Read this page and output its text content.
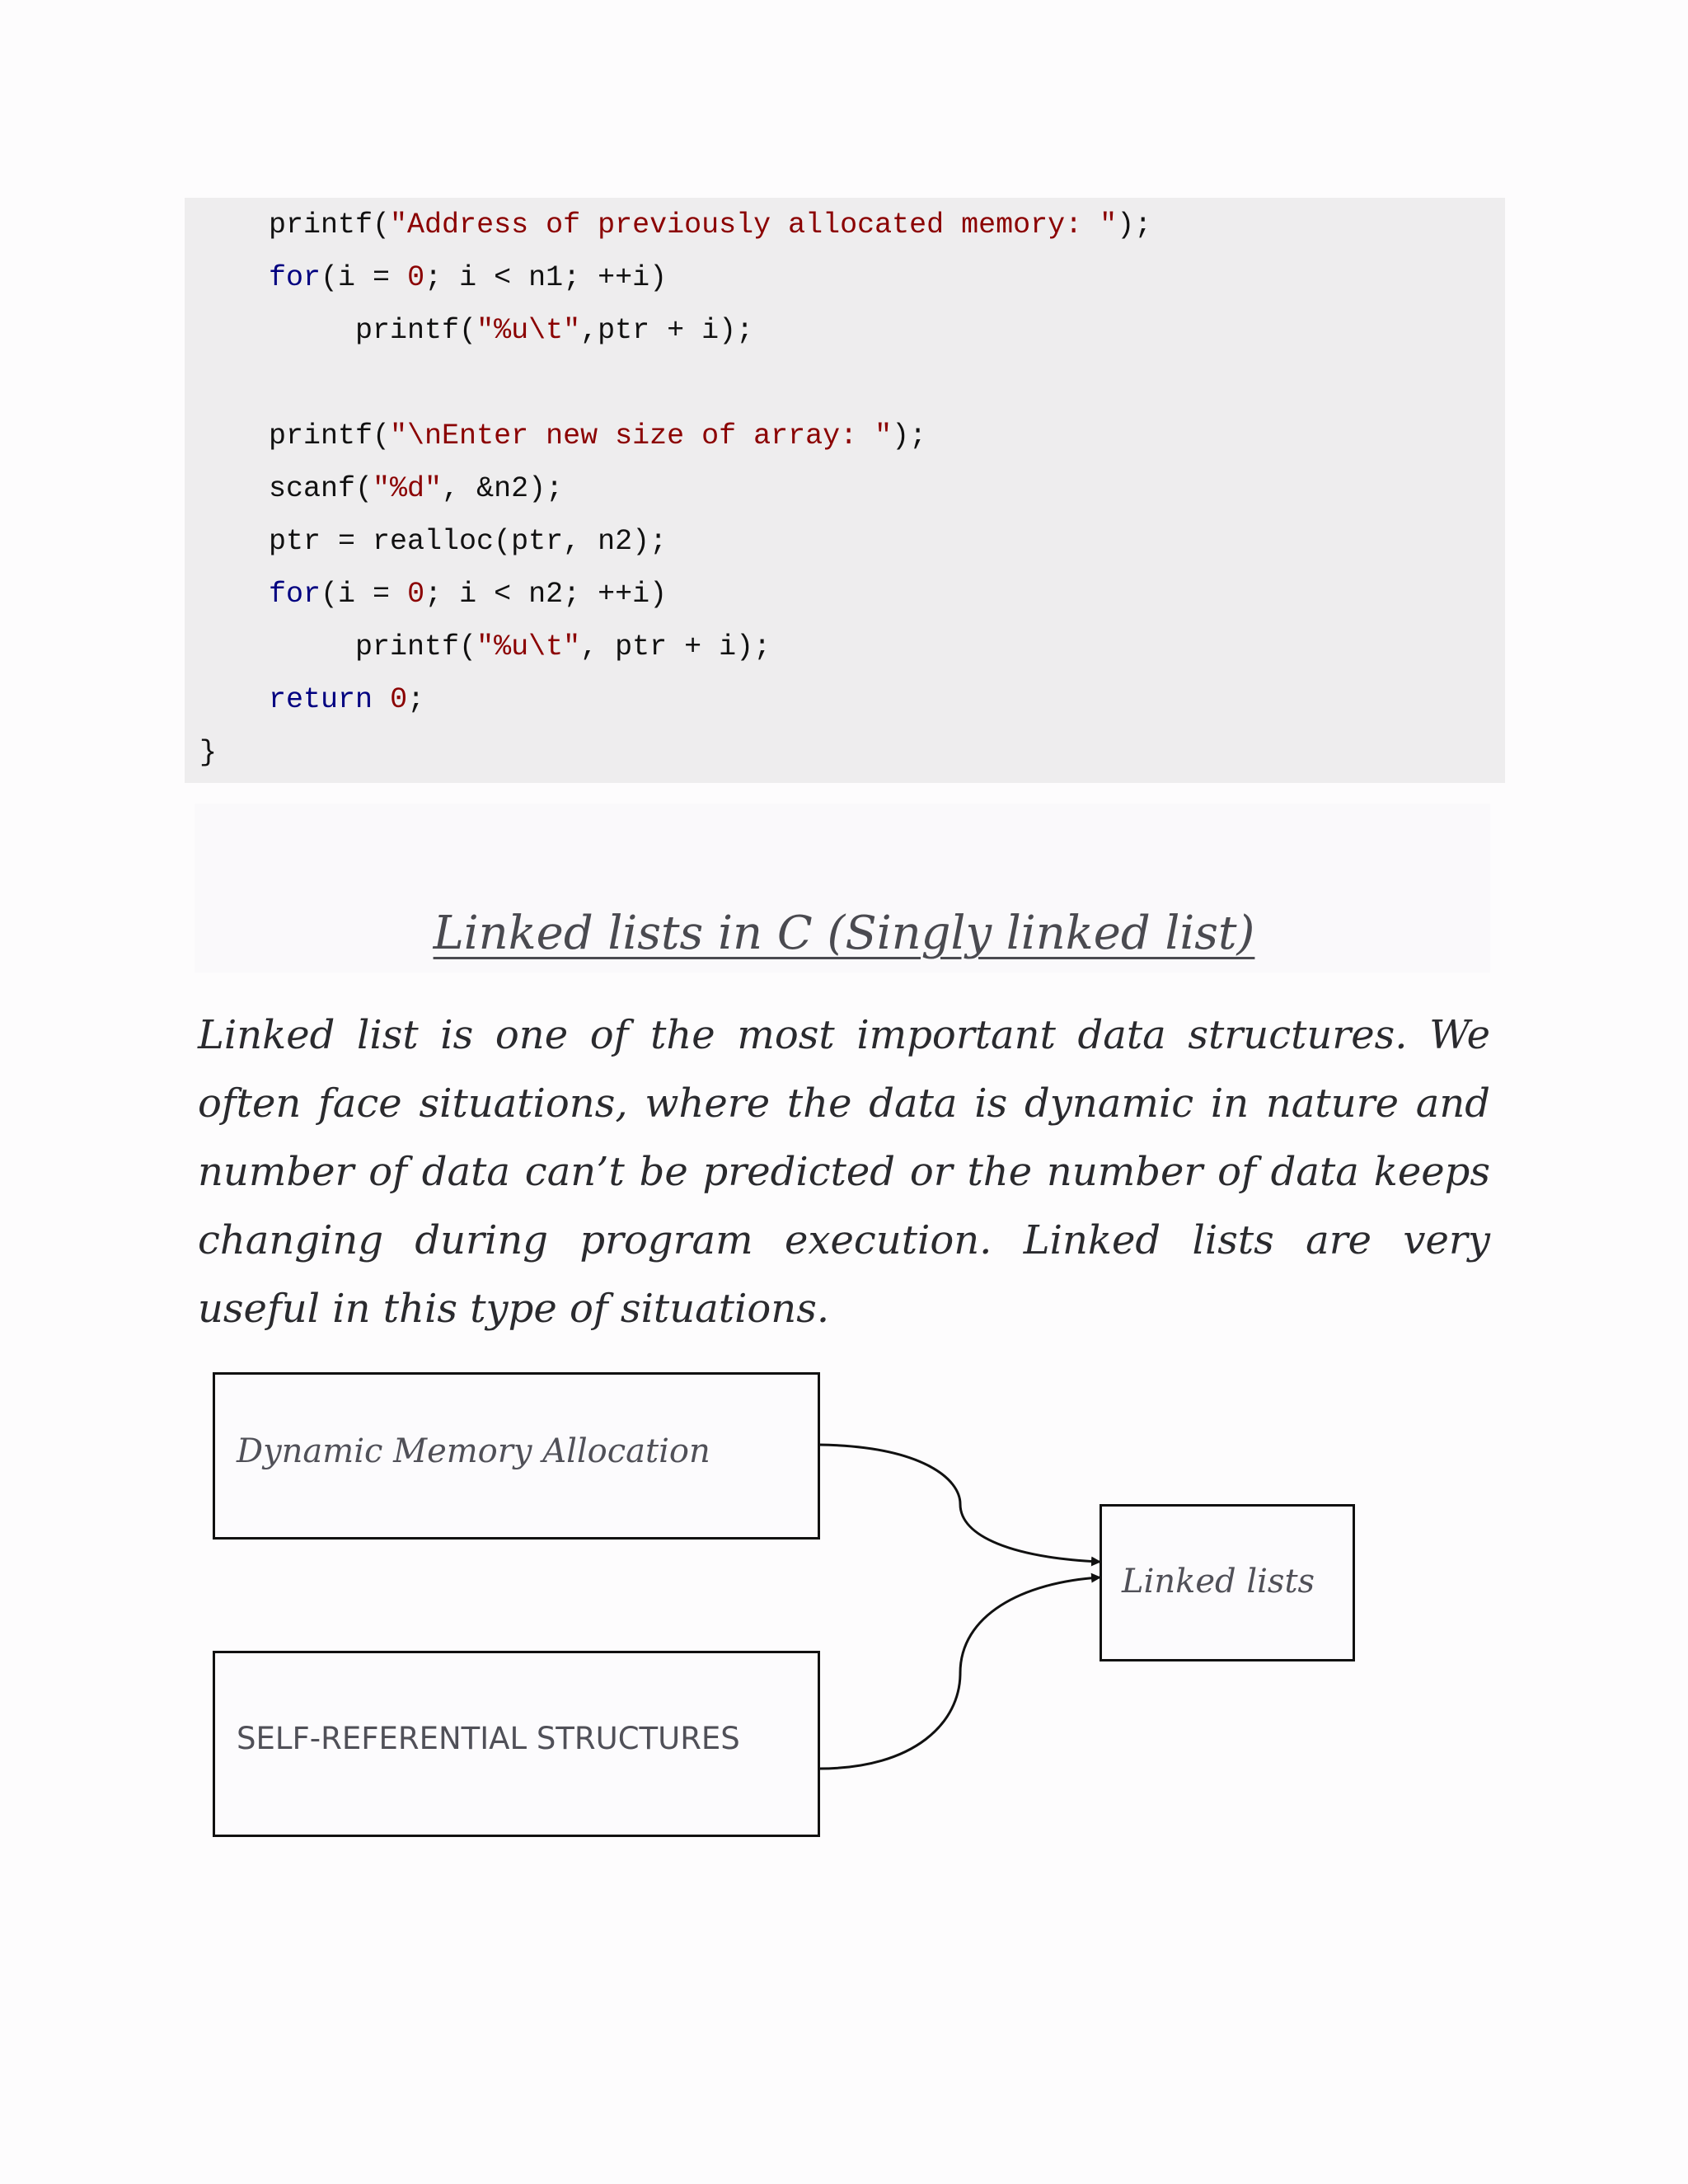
printf("Address of previously allocated memory: ");
for(i = 0; i < n1; ++i)
printf("%u\t",ptr + i);
printf("\nEnter new size of array: ");
scanf("%d", &n2);
ptr = realloc(ptr, n2);
for(i = 0; i < n2; ++i)
printf("%u\t", ptr + i);
return 0;
}
Linked lists in C (Singly linked list)
Linked list is one of the most important data structures. We often face situations, where the data is dynamic in nature and number of data can’t be predicted or the number of data keeps changing during program execution. Linked lists are very useful in this type of situations.
Dynamic Memory Allocation
SELF-REFERENTIAL STRUCTURES
Linked lists
